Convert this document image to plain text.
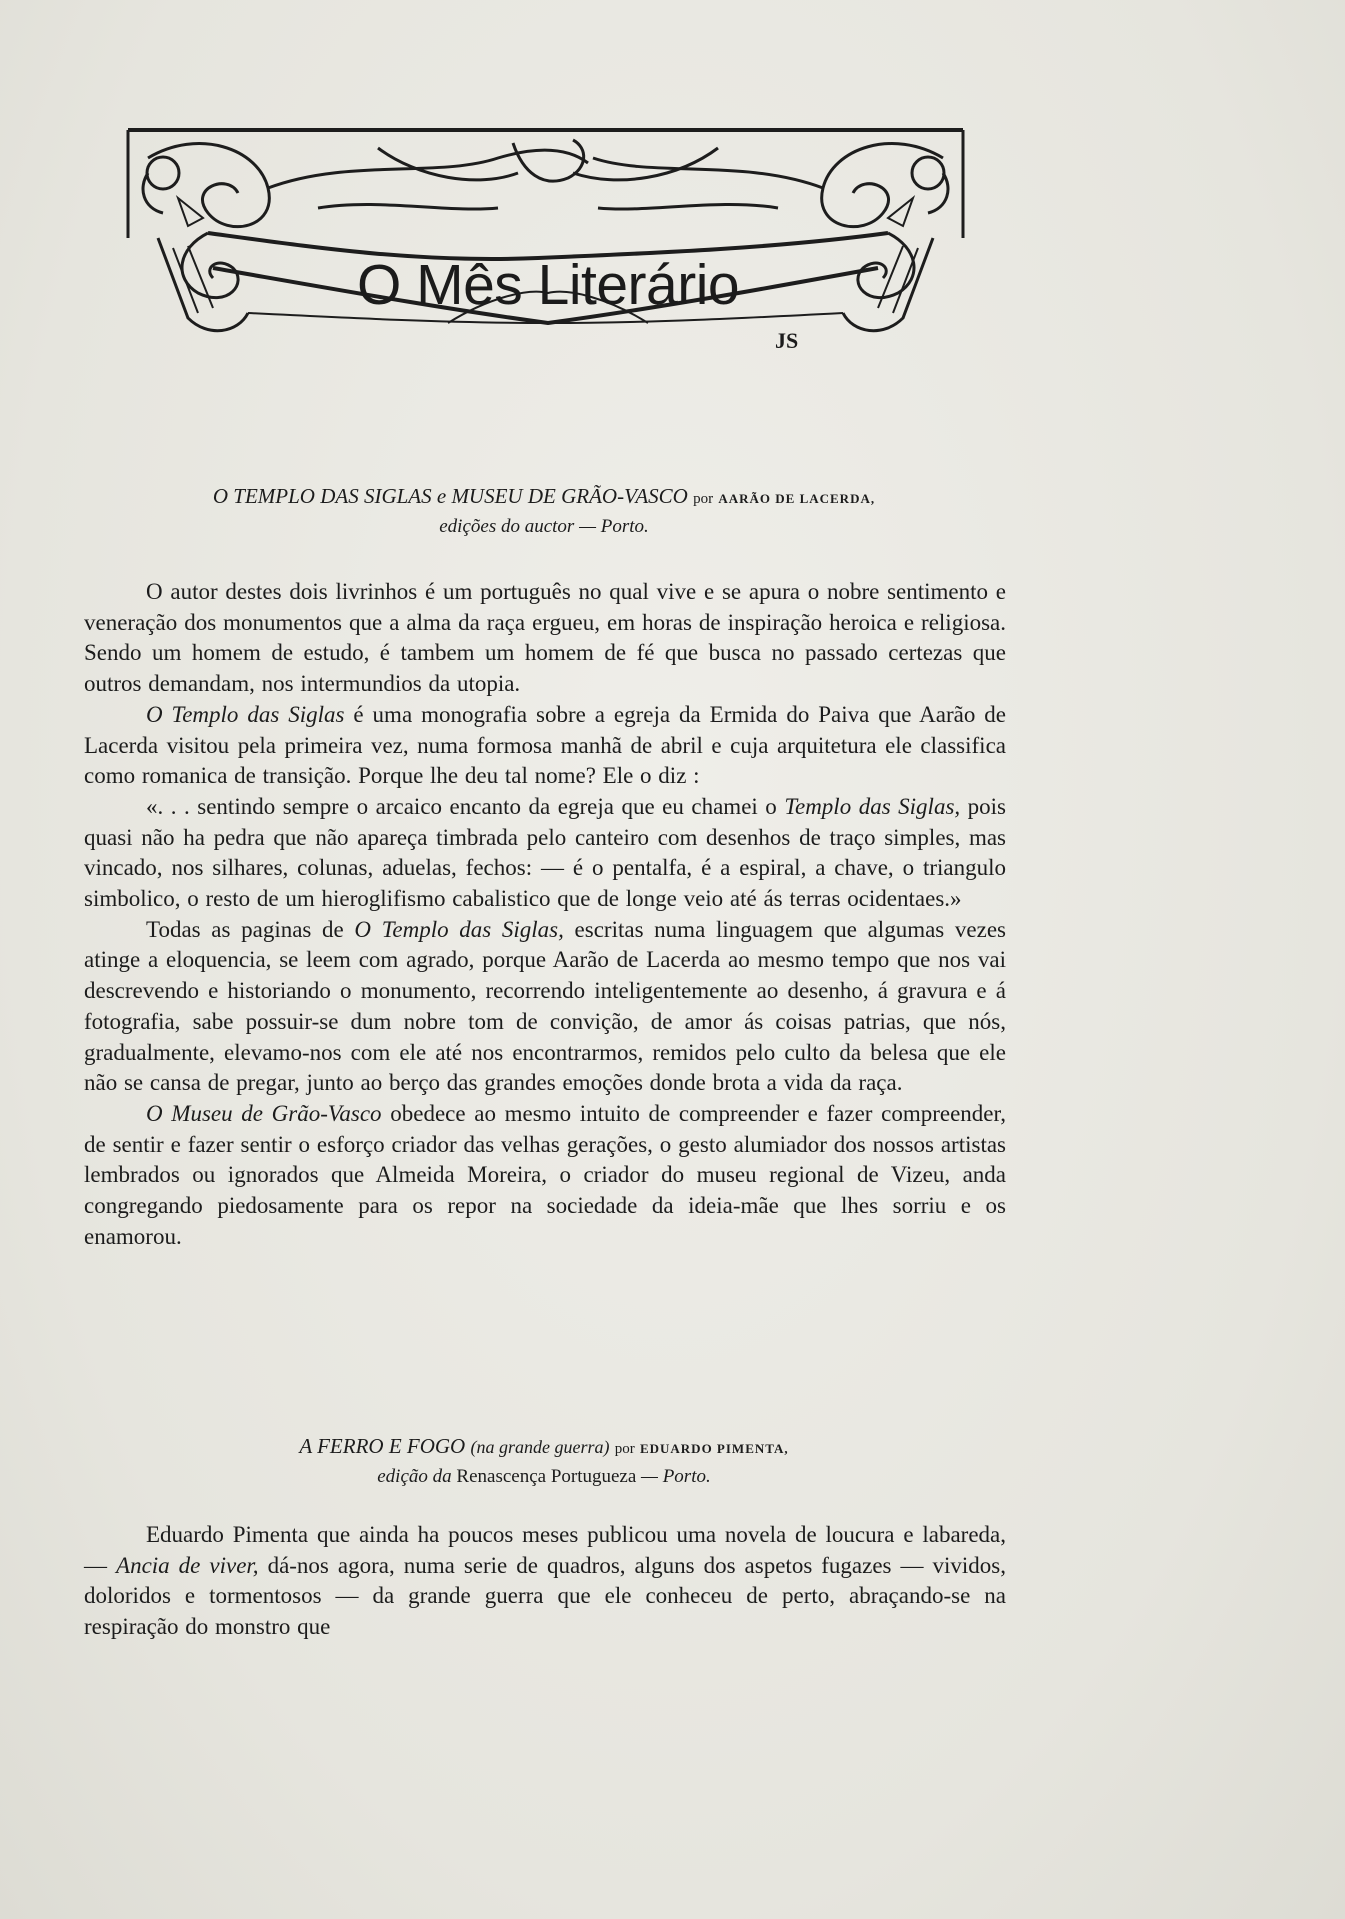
O Mês Literário
JS
O TEMPLO DAS SIGLAS e MUSEU DE GRÃO-VASCO por AARÃO DE LACERDA,
edições do auctor — Porto.

O autor destes dois livrinhos é um português no qual vive e se apura o nobre sentimento e veneração dos monumentos que a alma da raça ergueu, em horas de inspiração heroica e religiosa. Sendo um homem de estudo, é tambem um homem de fé que busca no passado certezas que outros demandam, nos intermundios da utopia.

O Templo das Siglas é uma monografia sobre a egreja da Ermida do Paiva que Aarão de Lacerda visitou pela primeira vez, numa formosa manhã de abril e cuja arquitetura ele classifica como romanica de transição. Porque lhe deu tal nome? Ele o diz :

«. . . sentindo sempre o arcaico encanto da egreja que eu chamei o Templo das Siglas, pois quasi não ha pedra que não apareça timbrada pelo canteiro com desenhos de traço simples, mas vincado, nos silhares, colunas, aduelas, fechos: — é o pentalfa, é a espiral, a chave, o triangulo simbolico, o resto de um hieroglifismo cabalistico que de longe veio até ás terras ocidentaes.»

Todas as paginas de O Templo das Siglas, escritas numa linguagem que algumas vezes atinge a eloquencia, se leem com agrado, porque Aarão de Lacerda ao mesmo tempo que nos vai descrevendo e historiando o monumento, recorrendo inteligentemente ao desenho, á gravura e á fotografia, sabe possuir-se dum nobre tom de convição, de amor ás coisas patrias, que nós, gradualmente, elevamo-nos com ele até nos encontrarmos, remidos pelo culto da belesa que ele não se cansa de pregar, junto ao berço das grandes emoções donde brota a vida da raça.

O Museu de Grão-Vasco obedece ao mesmo intuito de compreender e fazer compreender, de sentir e fazer sentir o esforço criador das velhas gerações, o gesto alumiador dos nossos artistas lembrados ou ignorados que Almeida Moreira, o criador do museu regional de Vizeu, anda congregando piedosamente para os repor na sociedade da ideia-mãe que lhes sorriu e os enamorou.

A FERRO E FOGO (na grande guerra) por EDUARDO PIMENTA,
edição da Renascença Portugueza — Porto.

Eduardo Pimenta que ainda ha poucos meses publicou uma novela de loucura e labareda, — Ancia de viver, dá-nos agora, numa serie de quadros, alguns dos aspetos fugazes — vividos, doloridos e tormentosos — da grande guerra que ele conheceu de perto, abraçando-se na respiração do monstro que
